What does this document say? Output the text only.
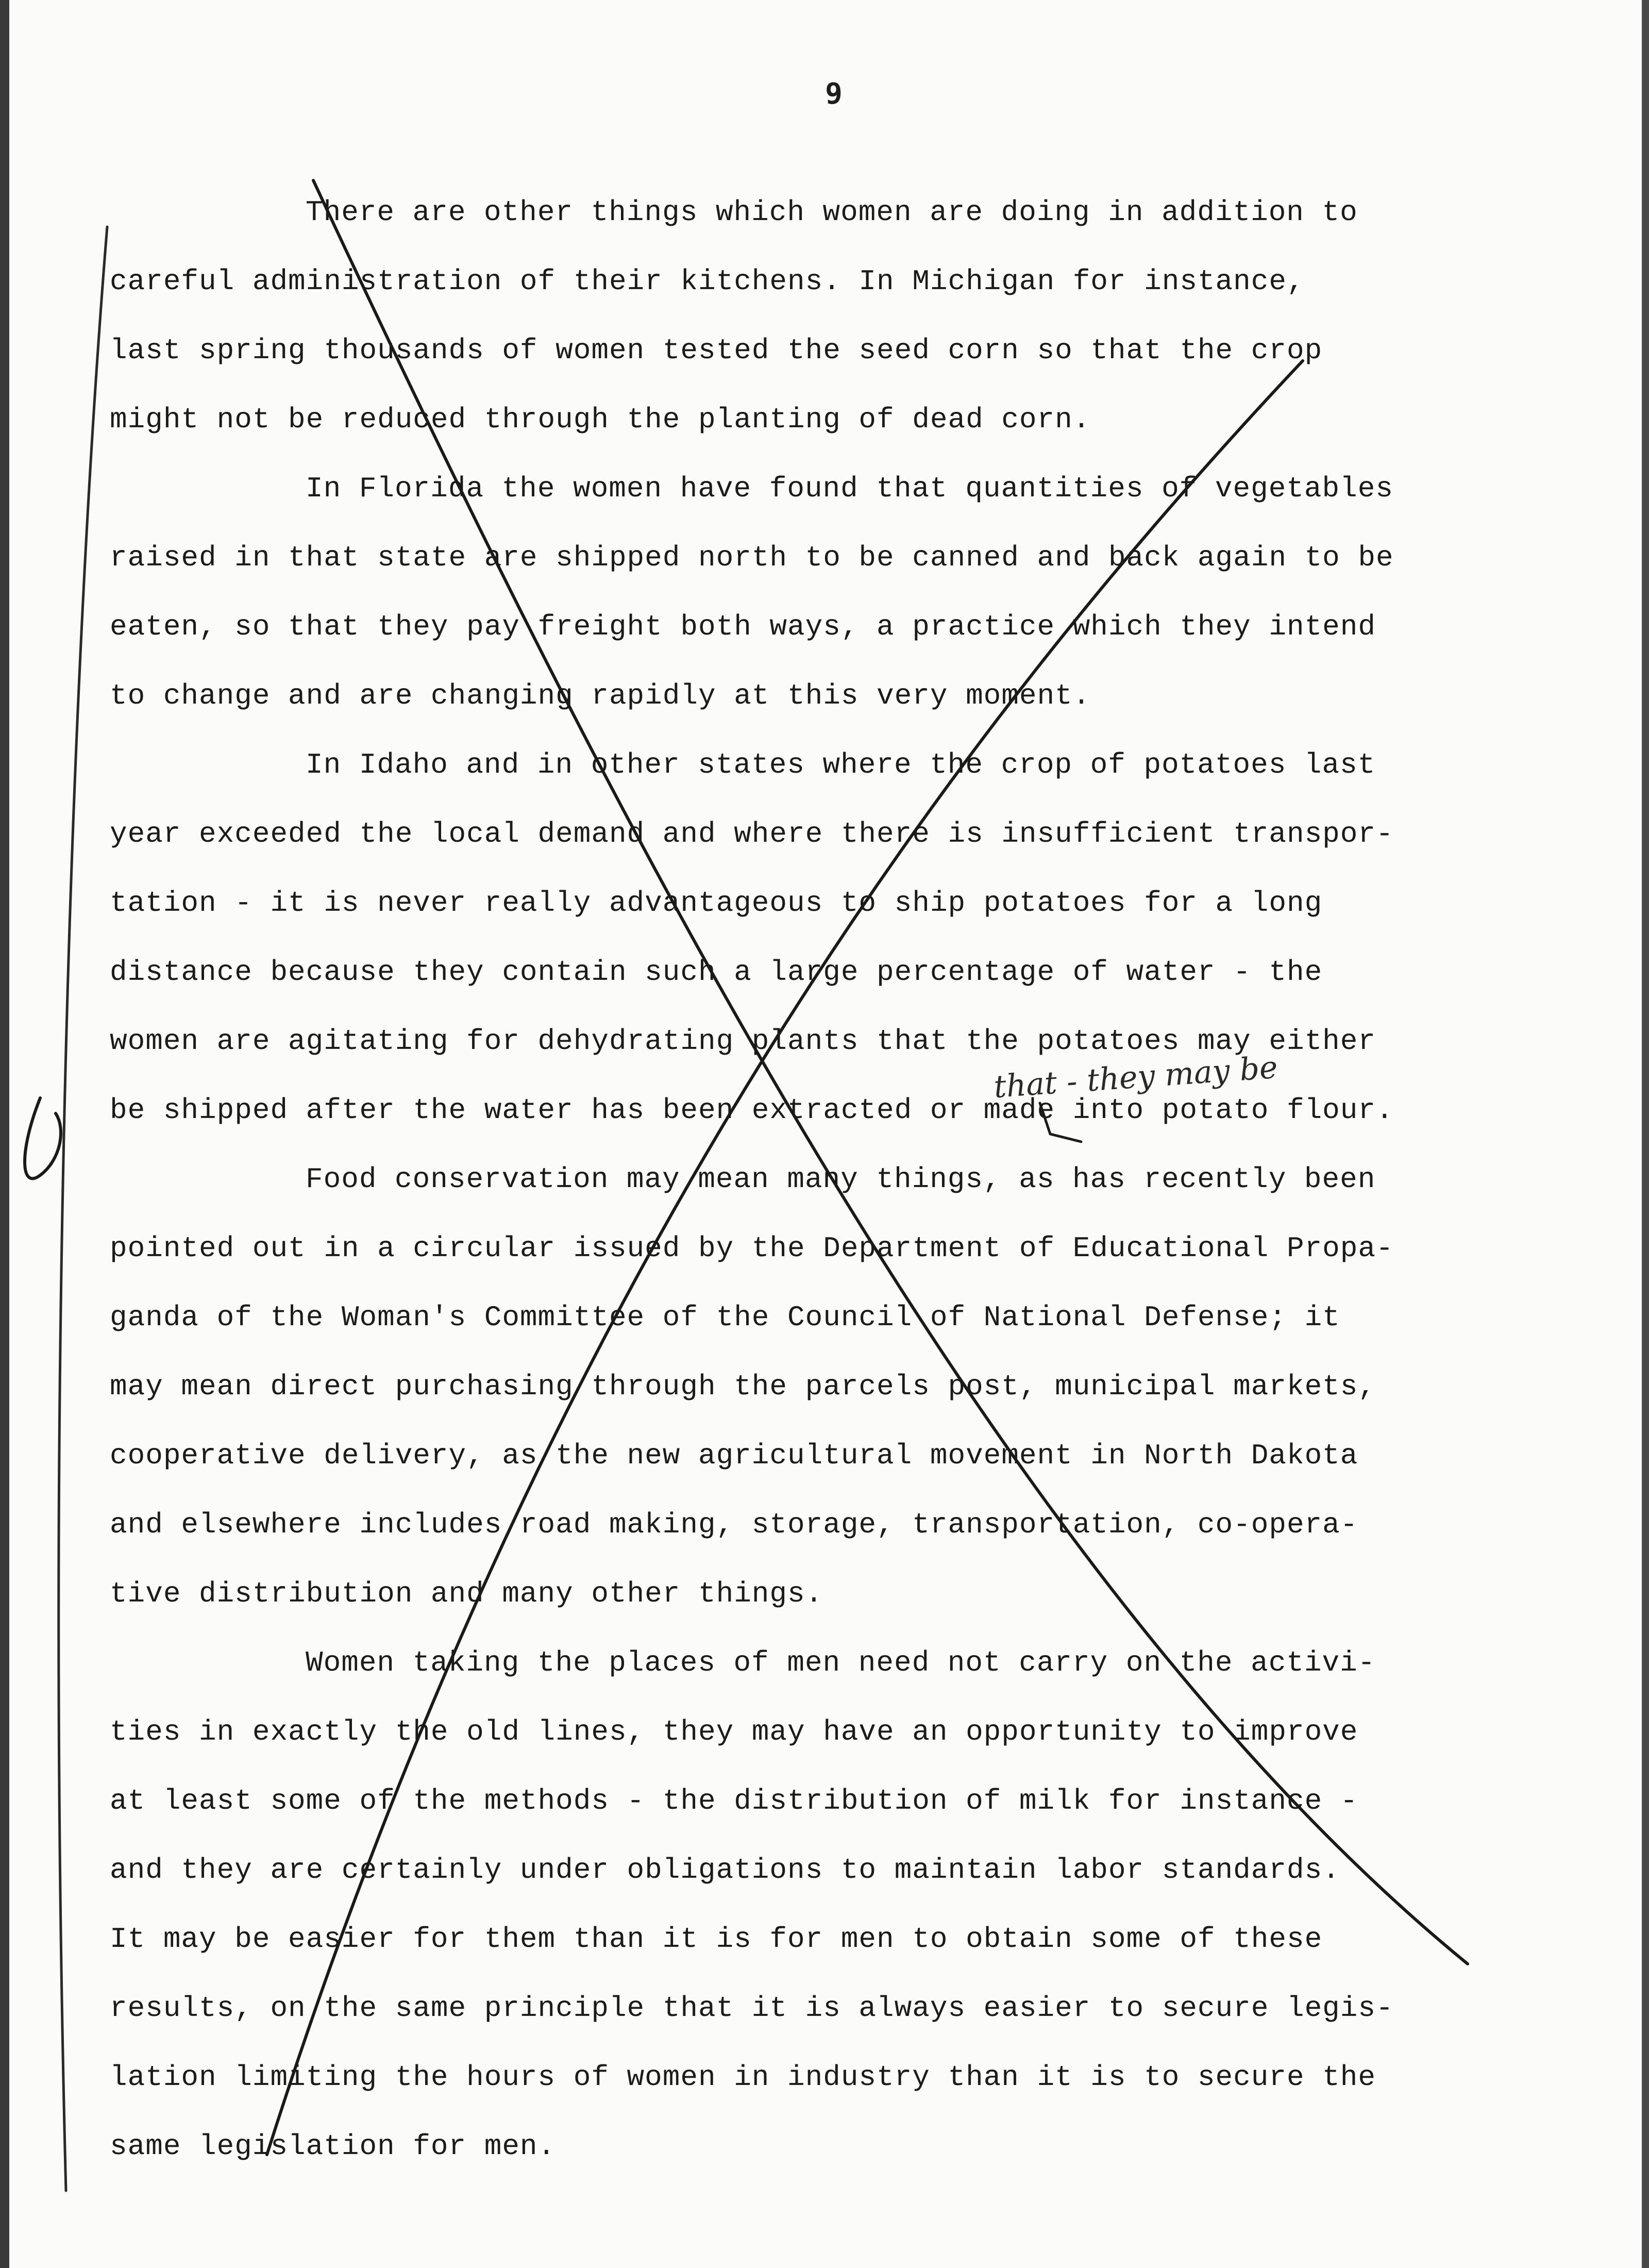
9
There are other things which women are doing in addition to
careful administration of their kitchens. In Michigan for instance,
last spring thousands of women tested the seed corn so that the crop
might not be reduced through the planting of dead corn.
In Florida the women have found that quantities of vegetables
raised in that state are shipped north to be canned and back again to be
eaten, so that they pay freight both ways, a practice which they intend
to change and are changing rapidly at this very moment.
In Idaho and in other states where the crop of potatoes last
year exceeded the local demand and where there is insufficient transpor-
tation - it is never really advantageous to ship potatoes for a long
distance because they contain such a large percentage of water - the
women are agitating for dehydrating plants that the potatoes may either
be shipped after the water has been extracted or made into potato flour.
Food conservation may mean many things, as has recently been
pointed out in a circular issued by the Department of Educational Propa-
ganda of the Woman's Committee of the Council of National Defense; it
may mean direct purchasing through the parcels post, municipal markets,
cooperative delivery, as the new agricultural movement in North Dakota
and elsewhere includes road making, storage, transportation, co-opera-
tive distribution and many other things.
Women taking the places of men need not carry on the activi-
ties in exactly the old lines, they may have an opportunity to improve
at least some of the methods - the distribution of milk for instance -
and they are certainly under obligations to maintain labor standards.
It may be easier for them than it is for men to obtain some of these
results, on the same principle that it is always easier to secure legis-
lation limiting the hours of women in industry than it is to secure the
same legislation for men.
that - they may be
